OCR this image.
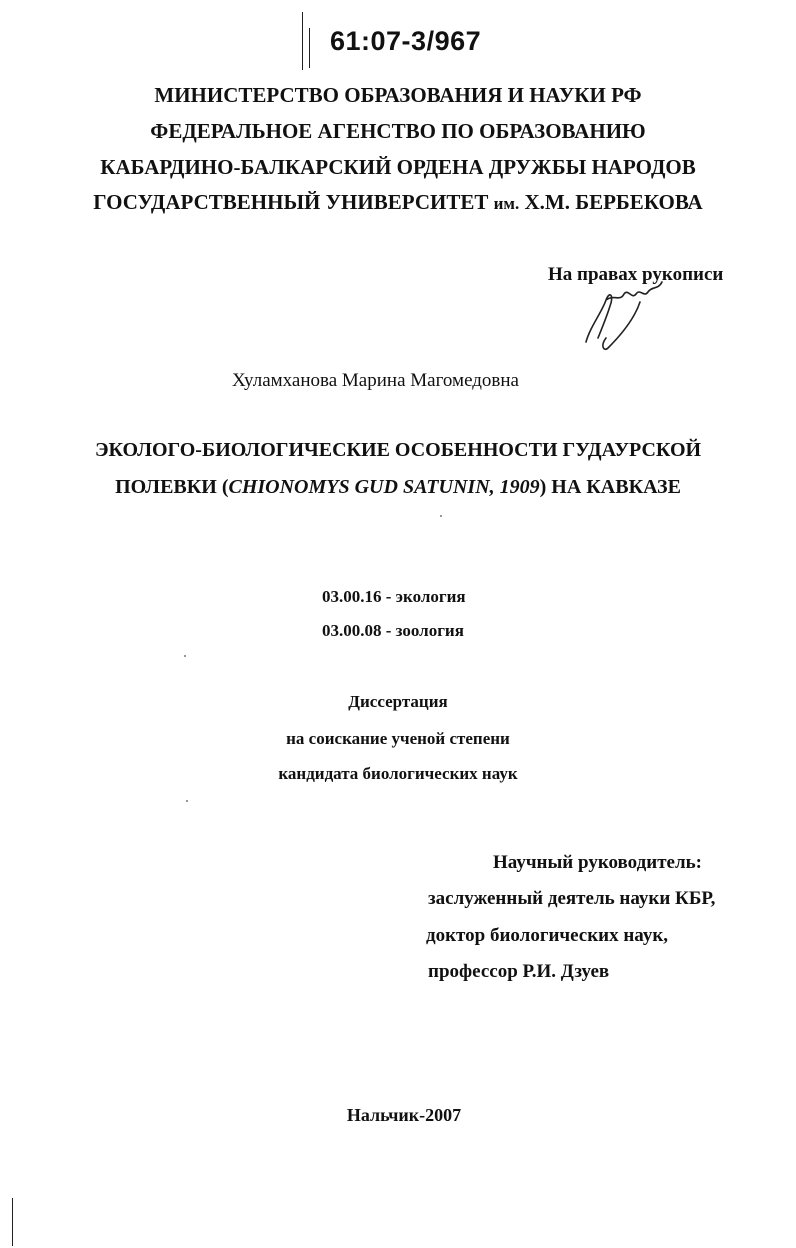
61:07-3/967
МИНИСТЕРСТВО ОБРАЗОВАНИЯ И НАУКИ РФ
ФЕДЕРАЛЬНОЕ АГЕНСТВО ПО ОБРАЗОВАНИЮ
КАБАРДИНО-БАЛКАРСКИЙ ОРДЕНА ДРУЖБЫ НАРОДОВ
ГОСУДАРСТВЕННЫЙ УНИВЕРСИТЕТ им. Х.М. БЕРБЕКОВА
На правах рукописи
Хуламханова Марина Магомедовна
ЭКОЛОГО-БИОЛОГИЧЕСКИЕ ОСОБЕННОСТИ ГУДАУРСКОЙ
ПОЛЕВКИ (CHIONOMYS GUD SATUNIN, 1909) НА КАВКАЗЕ
03.00.16 - экология
03.00.08 - зоология
Диссертация
на соискание ученой степени
кандидата биологических наук
Научный руководитель:
заслуженный деятель науки КБР,
доктор биологических наук,
профессор Р.И. Дзуев
Нальчик-2007
